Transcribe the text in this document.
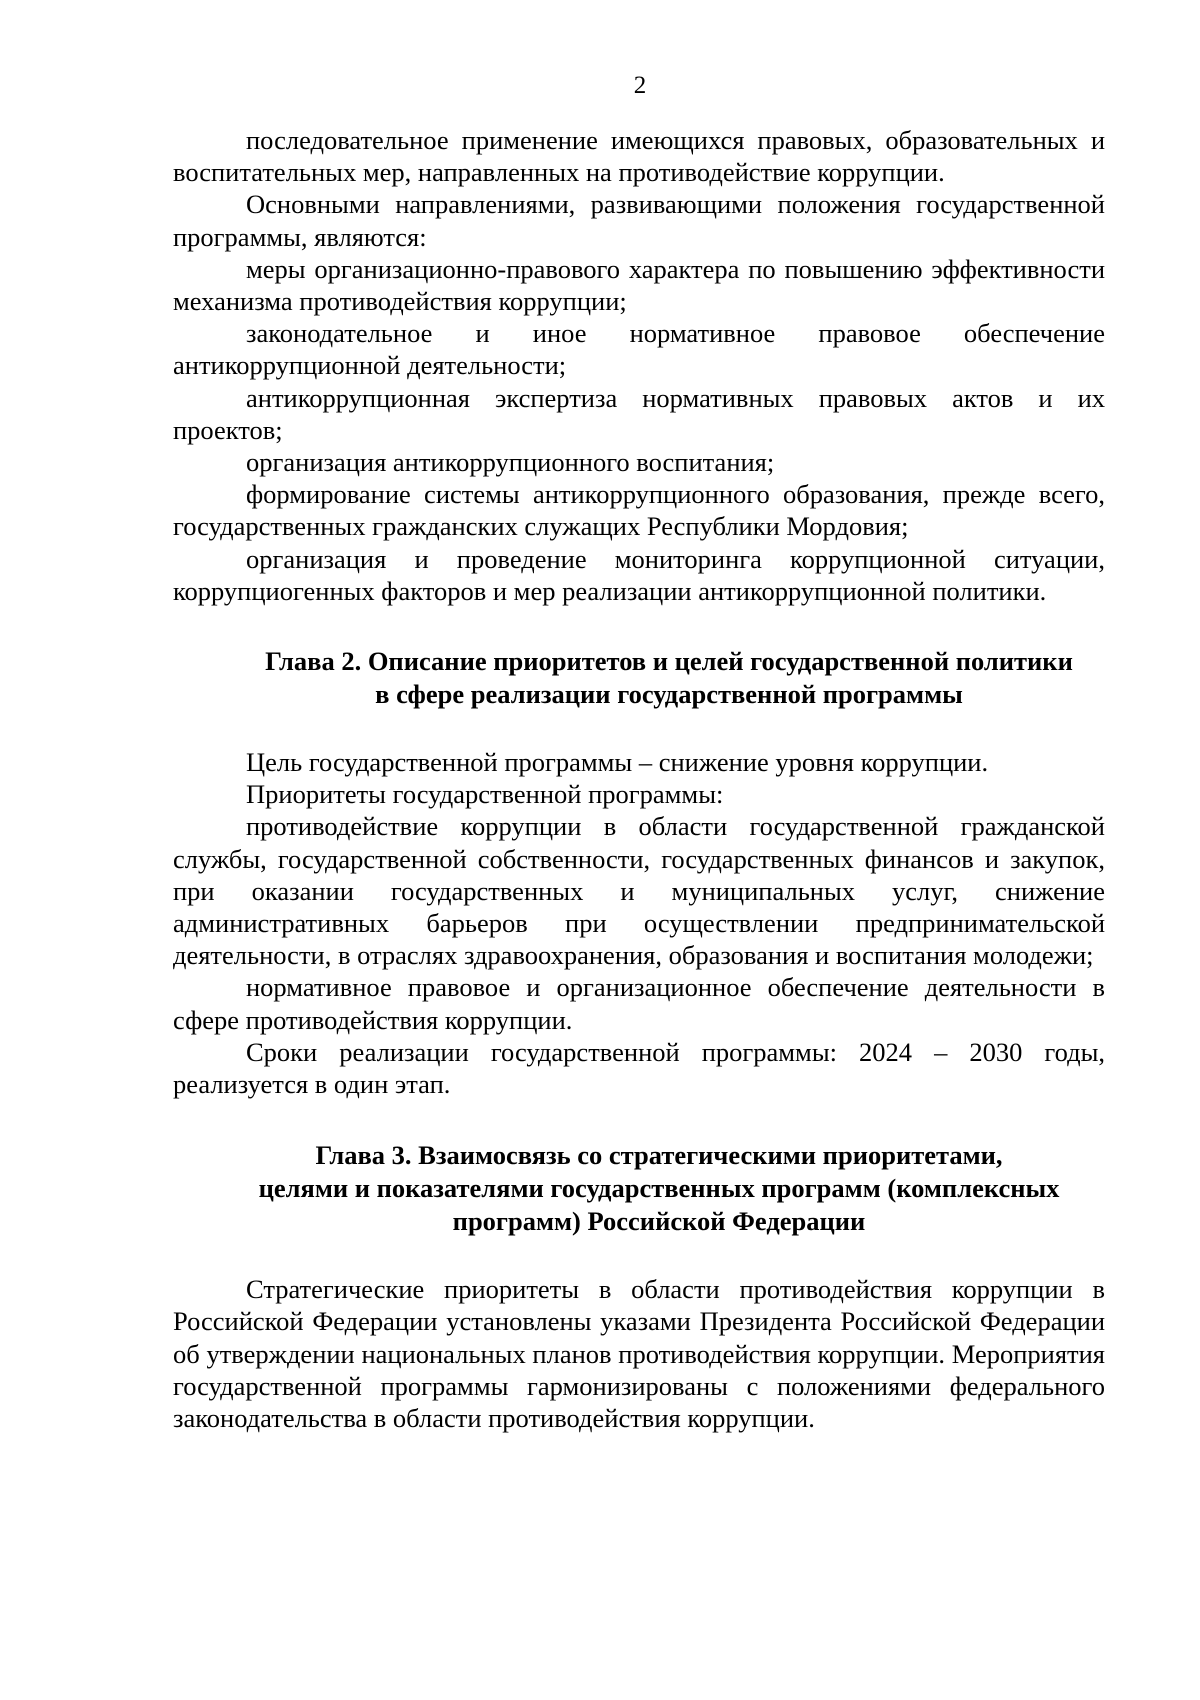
2

последовательное применение имеющихся правовых, образовательных и воспитательных мер, направленных на противодействие коррупции.

Основными направлениями, развивающими положения государственной программы, являются:

меры организационно-правового характера по повышению эффективности механизма противодействия коррупции;

законодательное и иное нормативное правовое обеспечение антикоррупционной деятельности;

антикоррупционная экспертиза нормативных правовых актов и их проектов;

организация антикоррупционного воспитания;

формирование системы антикоррупционного образования, прежде всего, государственных гражданских служащих Республики Мордовия;

организация и проведение мониторинга коррупционной ситуации, коррупциогенных факторов и мер реализации антикоррупционной политики.

Глава 2. Описание приоритетов и целей государственной политики
в сфере реализации государственной программы

Цель государственной программы – снижение уровня коррупции.

Приоритеты государственной программы:

противодействие коррупции в области государственной гражданской службы, государственной собственности, государственных финансов и закупок, при оказании государственных и муниципальных услуг, снижение административных барьеров при осуществлении предпринимательской деятельности, в отраслях здравоохранения, образования и воспитания молодежи;

нормативное правовое и организационное обеспечение деятельности в сфере противодействия коррупции.

Сроки реализации государственной программы: 2024 – 2030 годы, реализуется в один этап.

Глава 3. Взаимосвязь со стратегическими приоритетами,
целями и показателями государственных программ (комплексных
программ) Российской Федерации

Стратегические приоритеты в области противодействия коррупции в Российской Федерации установлены указами Президента Российской Федерации об утверждении национальных планов противодействия коррупции. Мероприятия государственной программы гармонизированы с положениями федерального законодательства в области противодействия коррупции.
